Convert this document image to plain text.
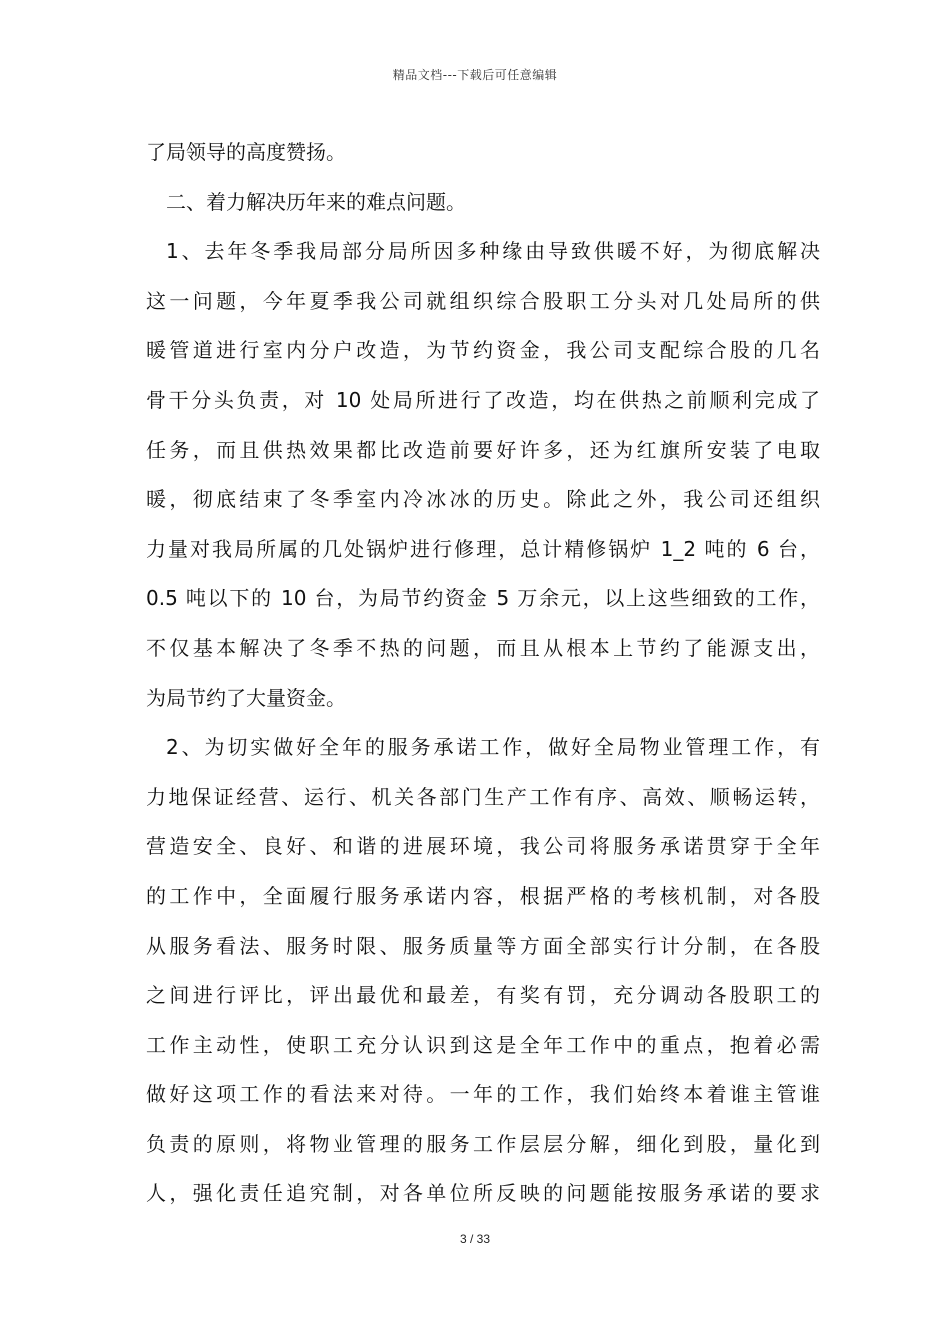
精品文档---下载后可任意编辑
了局领导的高度赞扬。
二、着力解决历年来的难点问题。
1、去年冬季我局部分局所因多种缘由导致供暖不好，为彻底解决
这一问题，今年夏季我公司就组织综合股职工分头对几处局所的供
暖管道进行室内分户改造，为节约资金，我公司支配综合股的几名
骨干分头负责，对 10 处局所进行了改造，均在供热之前顺利完成了
任务，而且供热效果都比改造前要好许多，还为红旗所安装了电取
暖，彻底结束了冬季室内冷冰冰的历史。除此之外，我公司还组织
力量对我局所属的几处锅炉进行修理，总计精修锅炉 1_2 吨的 6 台，
0.5 吨以下的 10 台，为局节约资金 5 万余元，以上这些细致的工作，
不仅基本解决了冬季不热的问题，而且从根本上节约了能源支出，
为局节约了大量资金。
2、为切实做好全年的服务承诺工作，做好全局物业管理工作，有
力地保证经营、运行、机关各部门生产工作有序、高效、顺畅运转，
营造安全、良好、和谐的进展环境，我公司将服务承诺贯穿于全年
的工作中，全面履行服务承诺内容，根据严格的考核机制，对各股
从服务看法、服务时限、服务质量等方面全部实行计分制，在各股
之间进行评比，评出最优和最差，有奖有罚，充分调动各股职工的
工作主动性，使职工充分认识到这是全年工作中的重点，抱着必需
做好这项工作的看法来对待。一年的工作，我们始终本着谁主管谁
负责的原则，将物业管理的服务工作层层分解，细化到股，量化到
人，强化责任追究制，对各单位所反映的问题能按服务承诺的要求
3 / 33
